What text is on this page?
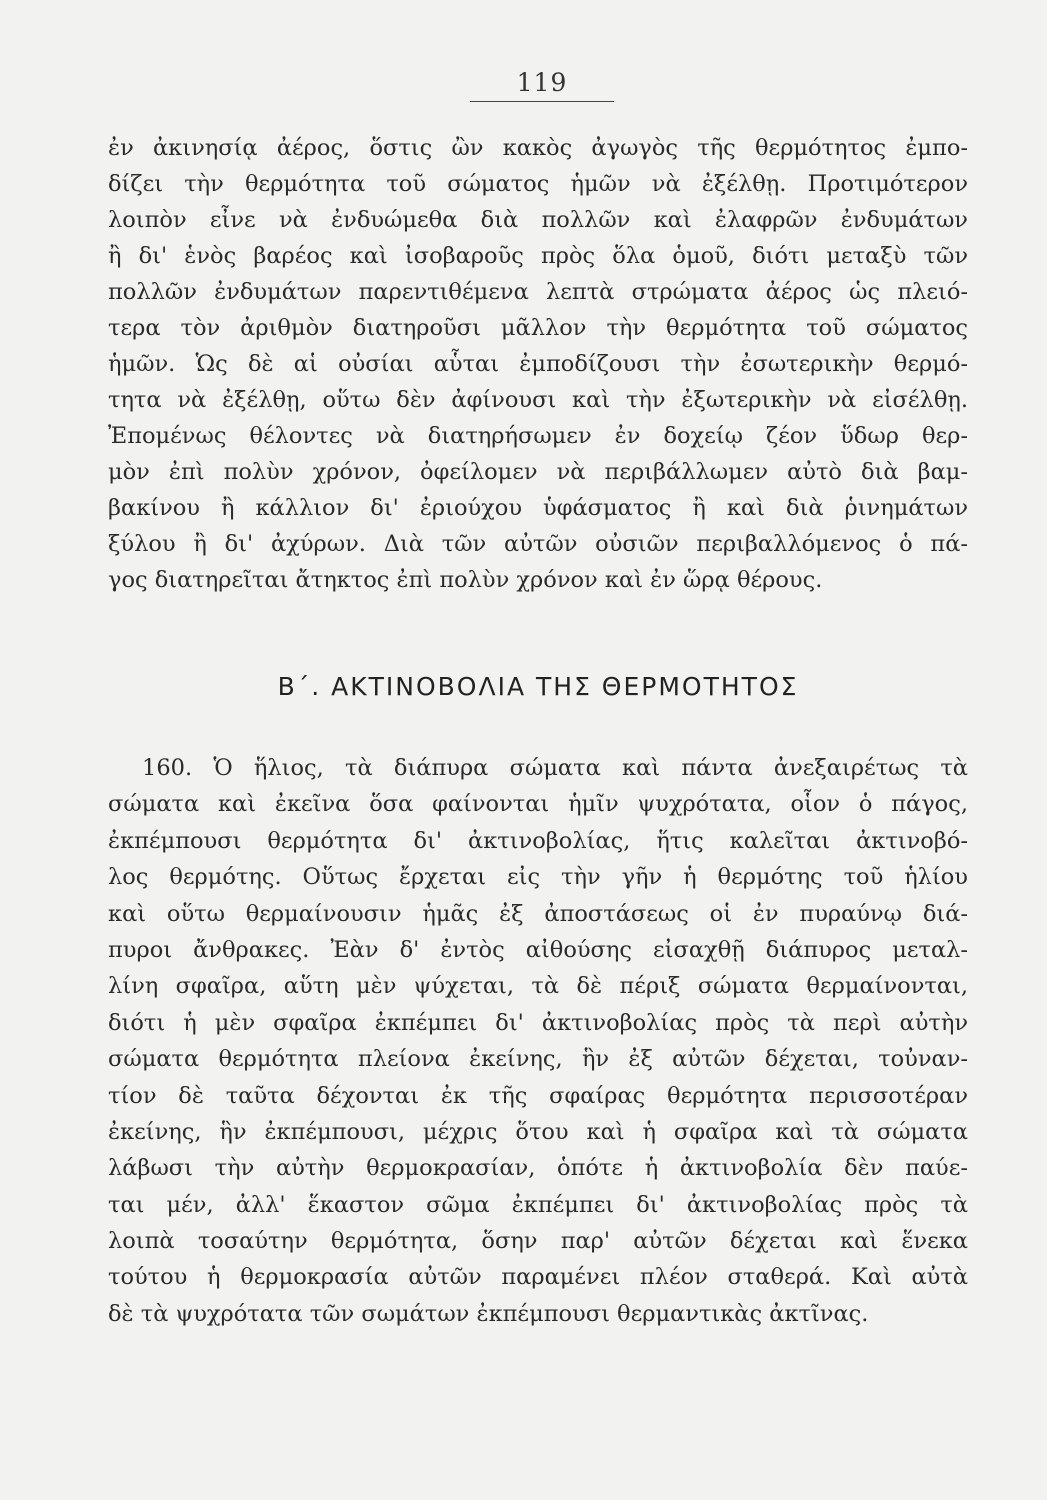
119
ἐν ἀκινησίᾳ ἀέρος, ὅστις ὢν κακὸς ἀγωγὸς τῆς θερμότητος ἐμπο-
δίζει τὴν θερμότητα τοῦ σώματος ἡμῶν νὰ ἐξέλθῃ. Προτιμότερον
λοιπὸν εἶνε νὰ ἐνδυώμεθα διὰ πολλῶν καὶ ἐλαφρῶν ἐνδυμάτων
ἢ δι' ἑνὸς βαρέος καὶ ἰσοβαροῦς πρὸς ὅλα ὁμοῦ, διότι μεταξὺ τῶν
πολλῶν ἐνδυμάτων παρεντιθέμενα λεπτὰ στρώματα ἀέρος ὡς πλειό-
τερα τὸν ἀριθμὸν διατηροῦσι μᾶλλον τὴν θερμότητα τοῦ σώματος
ἡμῶν. Ὡς δὲ αἱ οὐσίαι αὗται ἐμποδίζουσι τὴν ἐσωτερικὴν θερμό-
τητα νὰ ἐξέλθῃ, οὕτω δὲν ἀφίνουσι καὶ τὴν ἐξωτερικὴν νὰ εἰσέλθῃ.
Ἐπομένως θέλοντες νὰ διατηρήσωμεν ἐν δοχείῳ ζέον ὕδωρ θερ-
μὸν ἐπὶ πολὺν χρόνον, ὀφείλομεν νὰ περιβάλλωμεν αὐτὸ διὰ βαμ-
βακίνου ἢ κάλλιον δι' ἐριούχου ὑφάσματος ἢ καὶ διὰ ῥινημάτων
ξύλου ἢ δι' ἀχύρων. Διὰ τῶν αὐτῶν οὐσιῶν περιβαλλόμενος ὁ πά-
γος διατηρεῖται ἄτηκτος ἐπὶ πολὺν χρόνον καὶ ἐν ὥρᾳ θέρους.
Β΄. ΑΚΤΙΝΟΒΟΛΙΑ ΤΗΣ ΘΕΡΜΟΤΗΤΟΣ
160. Ὁ ἥλιος, τὰ διάπυρα σώματα καὶ πάντα ἀνεξαιρέτως τὰ
σώματα καὶ ἐκεῖνα ὅσα φαίνονται ἡμῖν ψυχρότατα, οἷον ὁ πάγος,
ἐκπέμπουσι θερμότητα δι' ἀκτινοβολίας, ἥτις καλεῖται ἀκτινοβό-
λος θερμότης. Οὕτως ἔρχεται εἰς τὴν γῆν ἡ θερμότης τοῦ ἡλίου
καὶ οὕτω θερμαίνουσιν ἡμᾶς ἐξ ἀποστάσεως οἱ ἐν πυραύνῳ διά-
πυροι ἄνθρακες. Ἐὰν δ' ἐντὸς αἰθούσης εἰσαχθῇ διάπυρος μεταλ-
λίνη σφαῖρα, αὕτη μὲν ψύχεται, τὰ δὲ πέριξ σώματα θερμαίνονται,
διότι ἡ μὲν σφαῖρα ἐκπέμπει δι' ἀκτινοβολίας πρὸς τὰ περὶ αὐτὴν
σώματα θερμότητα πλείονα ἐκείνης, ἣν ἐξ αὐτῶν δέχεται, τοὐναν-
τίον δὲ ταῦτα δέχονται ἐκ τῆς σφαίρας θερμότητα περισσοτέραν
ἐκείνης, ἣν ἐκπέμπουσι, μέχρις ὅτου καὶ ἡ σφαῖρα καὶ τὰ σώματα
λάβωσι τὴν αὐτὴν θερμοκρασίαν, ὁπότε ἡ ἀκτινοβολία δὲν παύε-
ται μέν, ἀλλ' ἕκαστον σῶμα ἐκπέμπει δι' ἀκτινοβολίας πρὸς τὰ
λοιπὰ τοσαύτην θερμότητα, ὅσην παρ' αὐτῶν δέχεται καὶ ἕνεκα
τούτου ἡ θερμοκρασία αὐτῶν παραμένει πλέον σταθερά. Καὶ αὐτὰ
δὲ τὰ ψυχρότατα τῶν σωμάτων ἐκπέμπουσι θερμαντικὰς ἀκτῖνας.
